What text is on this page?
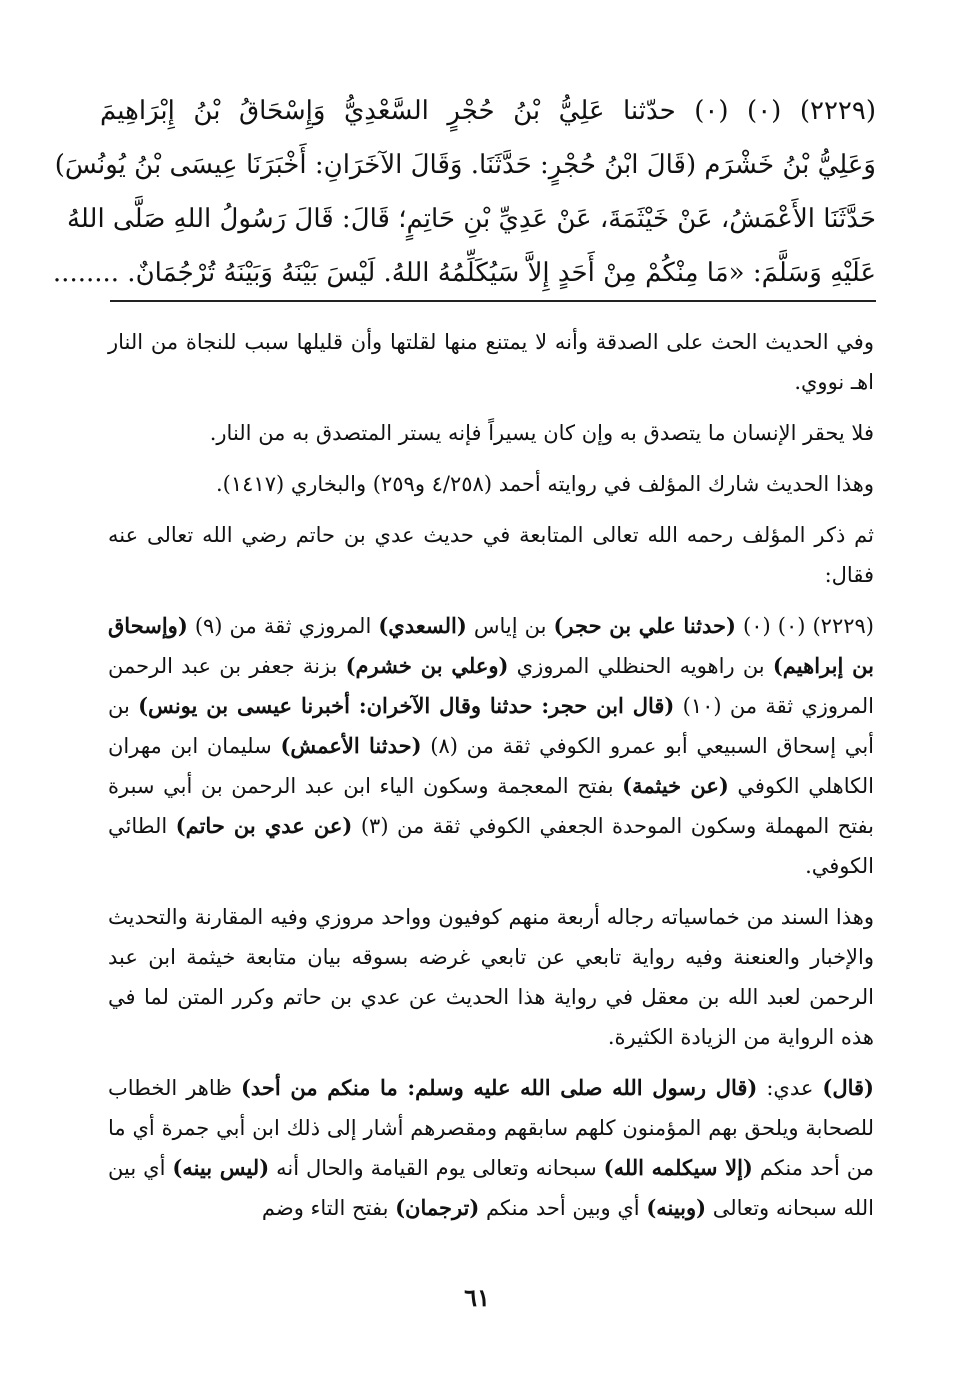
(٢٢٢٩) (٠) (٠) حدّثنا عَلِيُّ بْنُ حُجْرٍ السَّعْدِيُّ وَإِسْحَاقُ بْنُ إِبْرَاهِيمَ
وَعَلِيُّ بْنُ خَشْرَم (قَالَ ابْنُ حُجْرٍ: حَدَّثَنَا. وَقَالَ الآخَرَانِ: أَخْبَرَنَا عِيسَى بْنُ يُونُسَ)
حَدَّثَنَا الأَعْمَشُ، عَنْ خَيْثَمَةَ، عَنْ عَدِيِّ بْنِ حَاتِمٍ؛ قَالَ: قَالَ رَسُولُ اللهِ صَلَّى اللهُ
عَلَيْهِ وَسَلَّمَ: «مَا مِنْكُمْ مِنْ أَحَدٍ إِلاَّ سَيُكَلِّمُهُ اللهُ. لَيْسَ بَيْنَهُ وَبَيْنَهُ تُرْجُمَانٌ. ........

وفي الحديث الحث على الصدقة وأنه لا يمتنع منها لقلتها وأن قليلها سبب للنجاة من النار اهـ نووي.

فلا يحقر الإنسان ما يتصدق به وإن كان يسيراً فإنه يستر المتصدق به من النار.

وهذا الحديث شارك المؤلف في روايته أحمد (٤/٢٥٨ و٢٥٩) والبخاري (١٤١٧).

ثم ذكر المؤلف رحمه الله تعالى المتابعة في حديث عدي بن حاتم رضي الله تعالى عنه فقال:

(٢٢٢٩) (٠) (٠) (حدثنا علي بن حجر) بن إياس (السعدي) المروزي ثقة من (٩) (وإسحاق بن إبراهيم) بن راهويه الحنظلي المروزي (وعلي بن خشرم) بزنة جعفر بن عبد الرحمن المروزي ثقة من (١٠) (قال ابن حجر: حدثنا وقال الآخران: أخبرنا عيسى بن يونس) بن أبي إسحاق السبيعي أبو عمرو الكوفي ثقة من (٨) (حدثنا الأعمش) سليمان ابن مهران الكاهلي الكوفي (عن خيثمة) بفتح المعجمة وسكون الياء ابن عبد الرحمن بن أبي سبرة بفتح المهملة وسكون الموحدة الجعفي الكوفي ثقة من (٣) (عن عدي بن حاتم) الطائي الكوفي.

وهذا السند من خماسياته رجاله أربعة منهم كوفيون وواحد مروزي وفيه المقارنة والتحديث والإخبار والعنعنة وفيه رواية تابعي عن تابعي غرضه بسوقه بيان متابعة خيثمة ابن عبد الرحمن لعبد الله بن معقل في رواية هذا الحديث عن عدي بن حاتم وكرر المتن لما في هذه الرواية من الزيادة الكثيرة.

(قال) عدي: (قال رسول الله صلى الله عليه وسلم: ما منكم من أحد) ظاهر الخطاب للصحابة ويلحق بهم المؤمنون كلهم سابقهم ومقصرهم أشار إلى ذلك ابن أبي جمرة أي ما من أحد منكم (إلا سيكلمه الله) سبحانه وتعالى يوم القيامة والحال أنه (ليس بينه) أي بين الله سبحانه وتعالى (وبينه) أي وبين أحد منكم (ترجمان) بفتح التاء وضم

٦١
